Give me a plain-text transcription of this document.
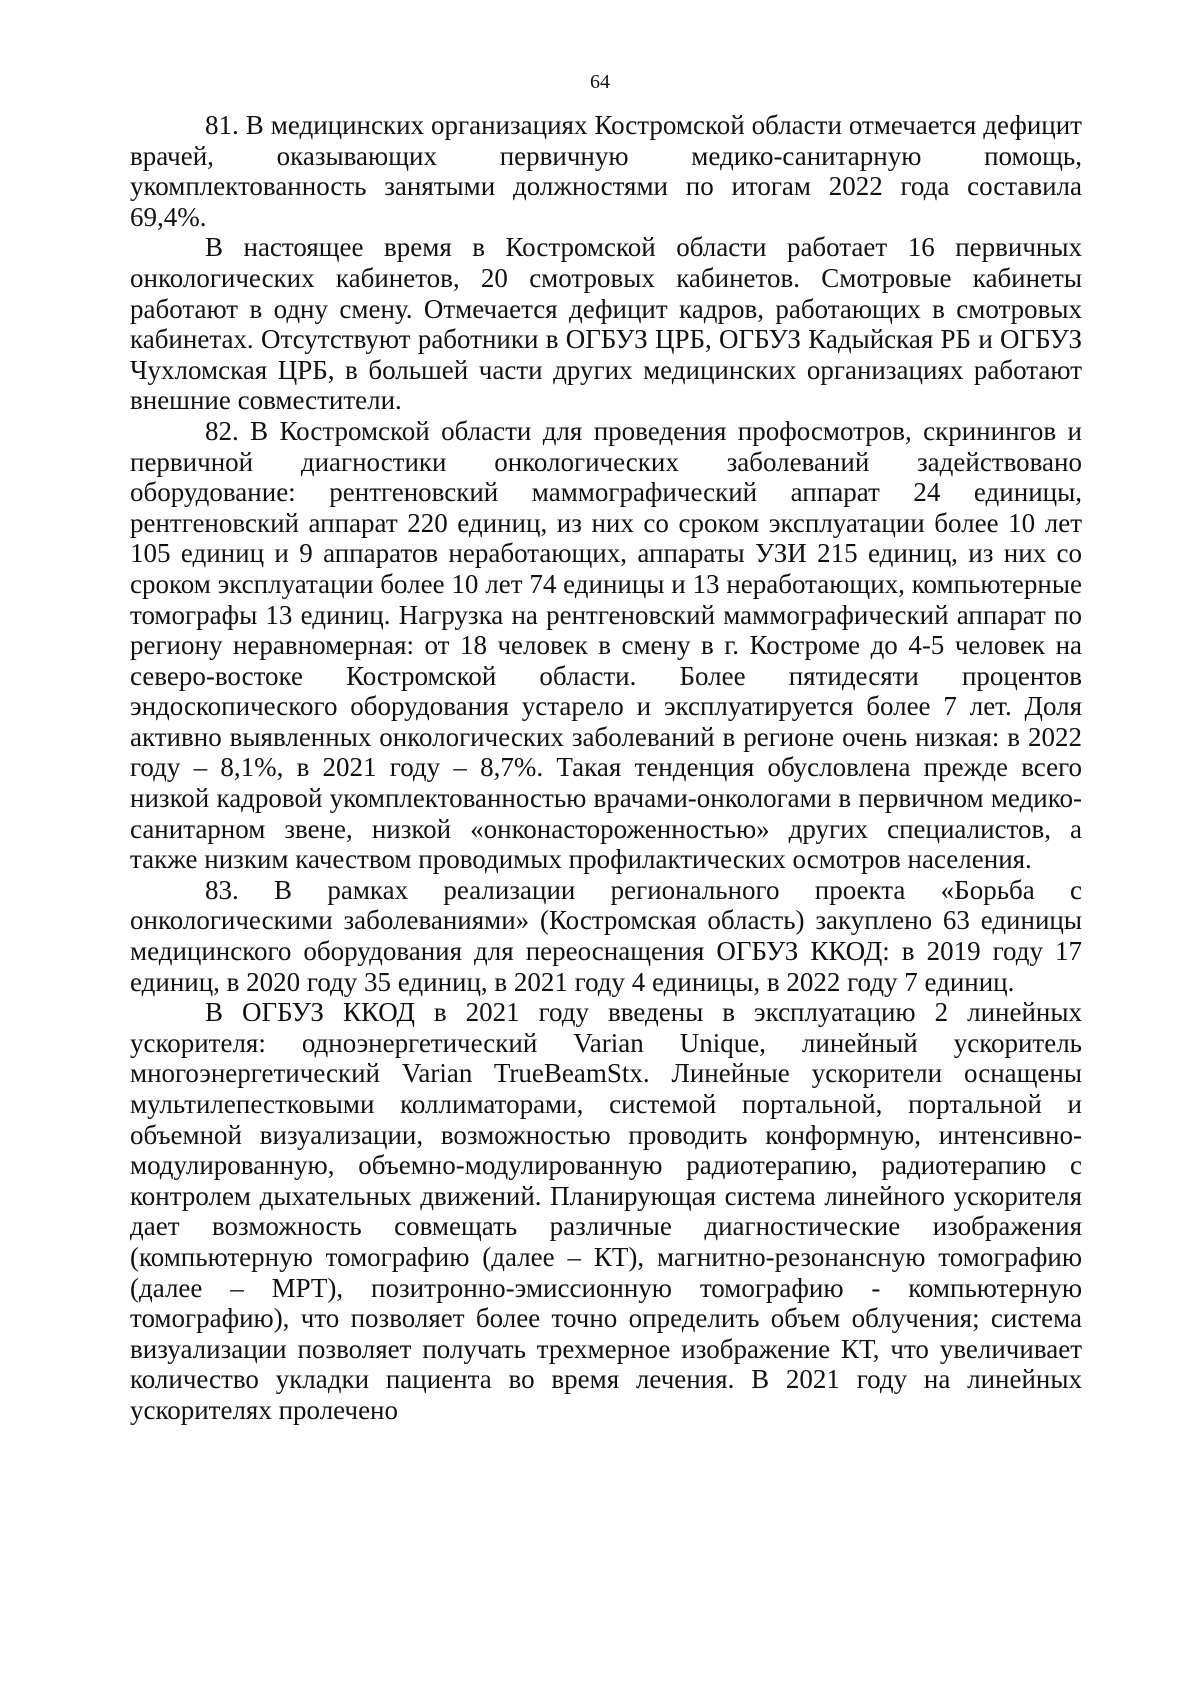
64

81. В медицинских организациях Костромской области отмечается дефицит врачей, оказывающих первичную медико-санитарную помощь, укомплектованность занятыми должностями по итогам 2022 года составила 69,4%.

В настоящее время в Костромской области работает 16 первичных онкологических кабинетов, 20 смотровых кабинетов. Смотровые кабинеты работают в одну смену. Отмечается дефицит кадров, работающих в смотровых кабинетах. Отсутствуют работники в ОГБУЗ ЦРБ, ОГБУЗ Кадыйская РБ и ОГБУЗ Чухломская ЦРБ, в большей части других медицинских организациях работают внешние совместители.

82. В Костромской области для проведения профосмотров, скринингов и первичной диагностики онкологических заболеваний задействовано оборудование: рентгеновский маммографический аппарат 24 единицы, рентгеновский аппарат 220 единиц, из них со сроком эксплуатации более 10 лет 105 единиц и 9 аппаратов неработающих, аппараты УЗИ 215 единиц, из них со сроком эксплуатации более 10 лет 74 единицы и 13 неработающих, компьютерные томографы 13 единиц. Нагрузка на рентгеновский маммографический аппарат по региону неравномерная: от 18 человек в смену в г. Костроме до 4-5 человек на северо-востоке Костромской области. Более пятидесяти процентов эндоскопического оборудования устарело и эксплуатируется более 7 лет. Доля активно выявленных онкологических заболеваний в регионе очень низкая: в 2022 году – 8,1%, в 2021 году – 8,7%. Такая тенденция обусловлена прежде всего низкой кадровой укомплектованностью врачами-онкологами в первичном медико-санитарном звене, низкой «онконастороженностью» других специалистов, а также низким качеством проводимых профилактических осмотров населения.

83. В рамках реализации регионального проекта «Борьба с онкологическими заболеваниями» (Костромская область) закуплено 63 единицы медицинского оборудования для переоснащения ОГБУЗ ККОД: в 2019 году 17 единиц, в 2020 году 35 единиц, в 2021 году 4 единицы, в 2022 году 7 единиц.

В ОГБУЗ ККОД в 2021 году введены в эксплуатацию 2 линейных ускорителя: одноэнергетический Varian Unique, линейный ускоритель многоэнергетический Varian TrueBeamStx. Линейные ускорители оснащены мультилепестковыми коллиматорами, системой портальной, портальной и объемной визуализации, возможностью проводить конформную, интенсивно-модулированную, объемно-модулированную радиотерапию, радиотерапию с контролем дыхательных движений. Планирующая система линейного ускорителя дает возможность совмещать различные диагностические изображения (компьютерную томографию (далее – КТ), магнитно-резонансную томографию (далее – МРТ), позитронно-эмиссионную томографию - компьютерную томографию), что позволяет более точно определить объем облучения; система визуализации позволяет получать трехмерное изображение КТ, что увеличивает количество укладки пациента во время лечения. В 2021 году на линейных ускорителях пролечено
